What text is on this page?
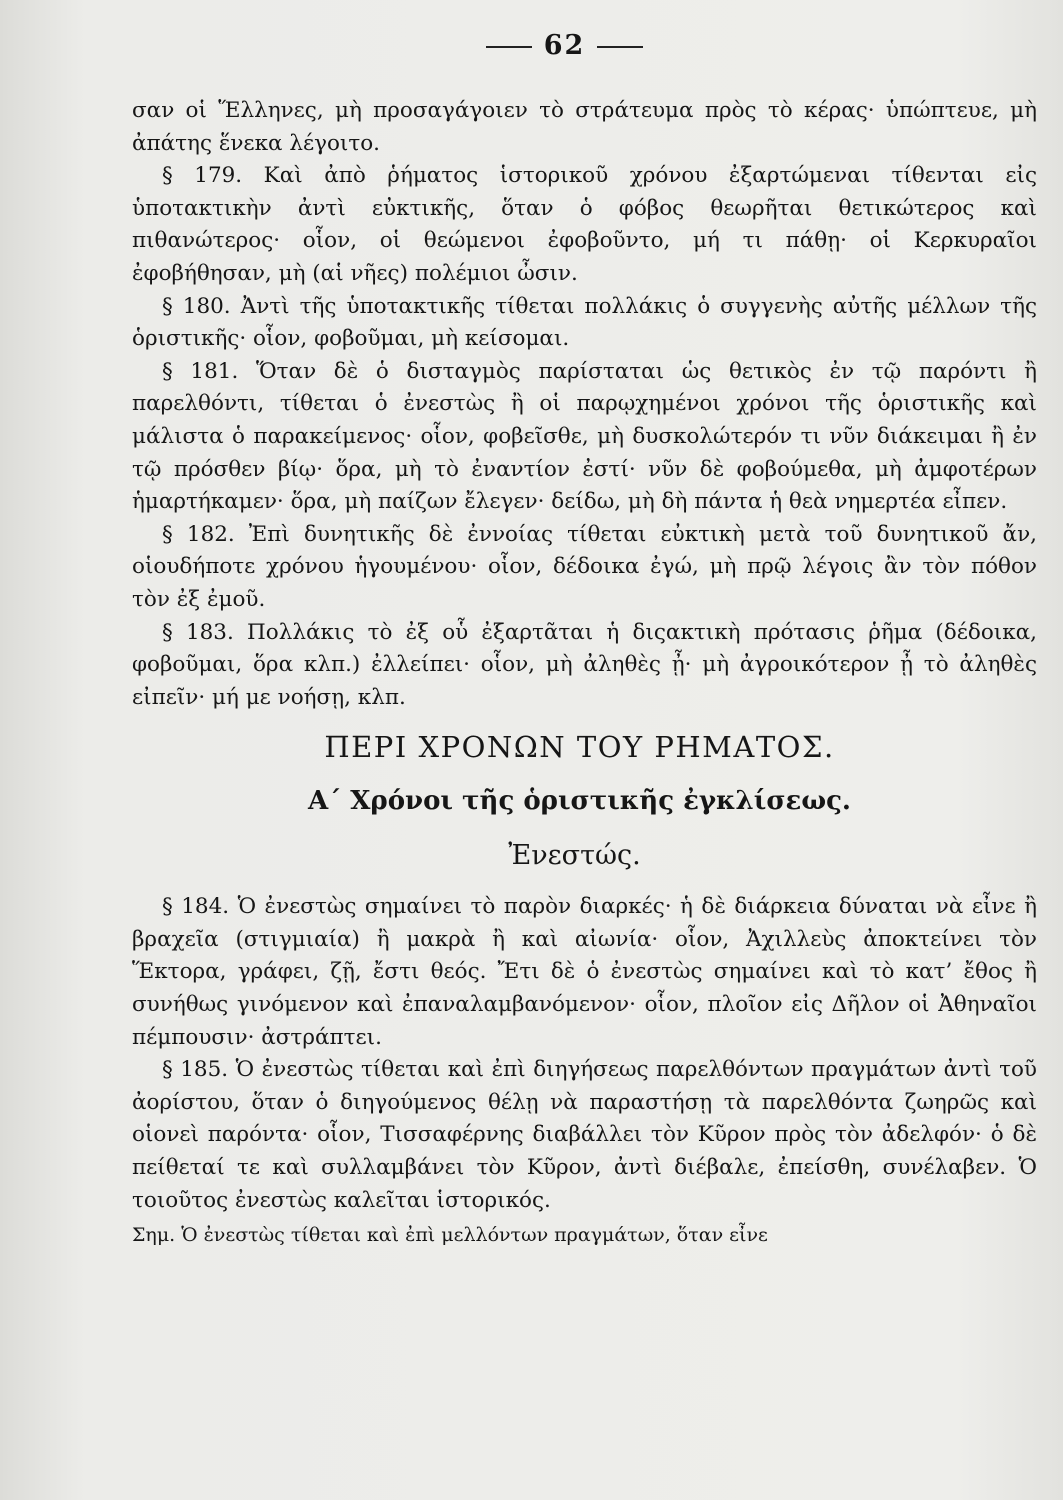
62

σαν οἱ Ἕλληνες, μὴ προσαγάγοιεν τὸ στράτευμα πρὸς τὸ κέρας· ὑπώπτευε, μὴ ἀπάτης ἕνεκα λέγοιτο.

§ 179. Καὶ ἀπὸ ῥήματος ἱστορικοῦ χρόνου ἐξαρτώμεναι τίθενται εἰς ὑποτακτικὴν ἀντὶ εὐκτικῆς, ὅταν ὁ φόβος θεωρῆται θετικώτερος καὶ πιθανώτερος· οἷον, οἱ θεώμενοι ἐφοβοῦντο, μή τι πάθῃ· οἱ Κερκυραῖοι ἐφοβήθησαν, μὴ (αἱ νῆες) πολέμιοι ὦσιν.

§ 180. Ἀντὶ τῆς ὑποτακτικῆς τίθεται πολλάκις ὁ συγγενὴς αὐτῆς μέλλων τῆς ὁριστικῆς· οἷον, φοβοῦμαι, μὴ κείσομαι.

§ 181. Ὅταν δὲ ὁ δισταγμὸς παρίσταται ὡς θετικὸς ἐν τῷ παρόντι ἢ παρελθόντι, τίθεται ὁ ἐνεστὼς ἢ οἱ παρῳχημένοι χρόνοι τῆς ὁριστικῆς καὶ μάλιστα ὁ παρακείμενος· οἷον, φοβεῖσθε, μὴ δυσκολώτερόν τι νῦν διάκειμαι ἢ ἐν τῷ πρόσθεν βίῳ· ὅρα, μὴ τὸ ἐναντίον ἐστί· νῦν δὲ φοβούμεθα, μὴ ἀμφοτέρων ἡμαρτήκαμεν· ὅρα, μὴ παίζων ἔλεγεν· δείδω, μὴ δὴ πάντα ἡ θεὰ νημερτέα εἶπεν.

§ 182. Ἐπὶ δυνητικῆς δὲ ἐννοίας τίθεται εὐκτικὴ μετὰ τοῦ δυνητικοῦ ἄν, οἱουδήποτε χρόνου ἡγουμένου· οἷον, δέδοικα ἐγώ, μὴ πρῷ λέγοις ἂν τὸν πόθον τὸν ἐξ ἐμοῦ.

§ 183. Πολλάκις τὸ ἐξ οὗ ἐξαρτᾶται ἡ διςακτικὴ πρότασις ῥῆμα (δέδοικα, φοβοῦμαι, ὅρα κλπ.) ἐλλείπει· οἷον, μὴ ἀληθὲς ᾖ· μὴ ἀγροικότερον ᾖ τὸ ἀληθὲς εἰπεῖν· μή με νοήσῃ, κλπ.

ΠΕΡΙ ΧΡΟΝΩΝ ΤΟΥ ΡΗΜΑΤΟΣ.
Α΄ Χρόνοι τῆς ὁριστικῆς ἐγκλίσεως.
Ἐνεστώς.

§ 184. Ὁ ἐνεστὼς σημαίνει τὸ παρὸν διαρκές· ἡ δὲ διάρκεια δύναται νὰ εἶνε ἢ βραχεῖα (στιγμιαία) ἢ μακρὰ ἢ καὶ αἰωνία· οἷον, Ἀχιλλεὺς ἀποκτείνει τὸν Ἕκτορα, γράφει, ζῇ, ἔστι θεός. Ἔτι δὲ ὁ ἐνεστὼς σημαίνει καὶ τὸ κατ’ ἔθος ἢ συνήθως γινόμενον καὶ ἐπαναλαμβανόμενον· οἷον, πλοῖον εἰς Δῆλον οἱ Ἀθηναῖοι πέμπουσιν· ἀστράπτει.

§ 185. Ὁ ἐνεστὼς τίθεται καὶ ἐπὶ διηγήσεως παρελθόντων πραγμάτων ἀντὶ τοῦ ἀορίστου, ὅταν ὁ διηγούμενος θέλῃ νὰ παραστήσῃ τὰ παρελθόντα ζωηρῶς καὶ οἱονεὶ παρόντα· οἷον, Τισσαφέρνης διαβάλλει τὸν Κῦρον πρὸς τὸν ἀδελφόν· ὁ δὲ πείθεταί τε καὶ συλλαμβάνει τὸν Κῦρον, ἀντὶ διέβαλε, ἐπείσθη, συνέλαβεν. Ὁ τοιοῦτος ἐνεστὼς καλεῖται ἱστορικός.

Σημ. Ὁ ἐνεστὼς τίθεται καὶ ἐπὶ μελλόντων πραγμάτων, ὅταν εἶνε
